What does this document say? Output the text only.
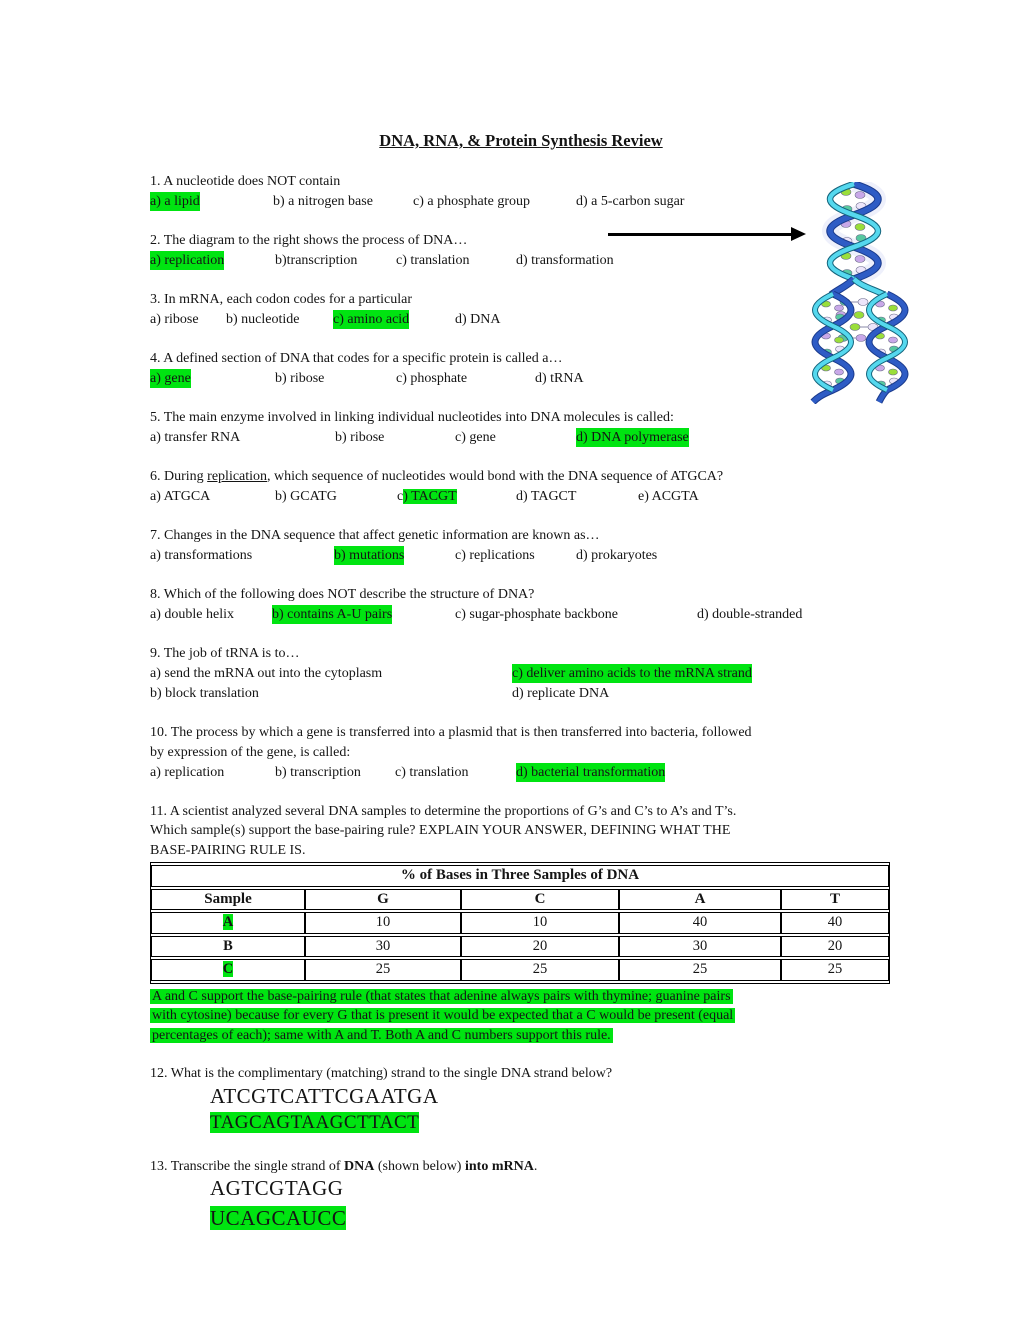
DNA, RNA, & Protein Synthesis Review
1. A nucleotide does NOT contain
a) a lipid	b) a nitrogen base	c) a phosphate group	d) a 5-carbon sugar
2. The diagram to the right shows the process of DNA…
a) replication	b)transcription	c) translation	d) transformation
3. In mRNA, each codon codes for a particular
a) ribose b) nucleotide c) amino acid	d) DNA
4. A defined section of DNA that codes for a specific protein is called a…
a) gene	b) ribose	c) phosphate	d) tRNA
5. The main enzyme involved in linking individual nucleotides into DNA molecules is called:
a) transfer RNA	b) ribose	c) gene	d) DNA polymerase
6. During replication, which sequence of nucleotides would bond with the DNA sequence of ATGCA?
a) ATGCA	b) GCATG	c) TACGT	d) TAGCT	e) ACGTA
7. Changes in the DNA sequence that affect genetic information are known as…
a) transformations	b) mutations	c) replications	d) prokaryotes
8. Which of the following does NOT describe the structure of DNA?
a) double helix	b) contains A-U pairs	c) sugar-phosphate backbone	d) double-stranded
9. The job of tRNA is to…
a) send the mRNA out into the cytoplasm	c) deliver amino acids to the mRNA strand
b) block translation	d) replicate DNA
10. The process by which a gene is transferred into a plasmid that is then transferred into bacteria, followed
by expression of the gene, is called:
a) replication	b) transcription c) translation	d) bacterial transformation
11. A scientist analyzed several DNA samples to determine the proportions of G’s and C’s to A’s and T’s.
Which sample(s) support the base-pairing rule? EXPLAIN YOUR ANSWER, DEFINING WHAT THE
BASE-PAIRING RULE IS.
% of Bases in Three Samples of DNA				
Sample	G	C	A	T
A	10	10	40	40
B	30	20	30	20
C	25	25	25	25
A and C support the base-pairing rule (that states that adenine always pairs with thymine; guanine pairs
with cytosine) because for every G that is present it would be expected that a C would be present (equal
percentages of each); same with A and T. Both A and C numbers support this rule.
12. What is the complimentary (matching) strand to the single DNA strand below?
ATCGTCATTCGAATGA
TAGCAGTAAGCTTACT
13. Transcribe the single strand of DNA (shown below) into mRNA.
AGTCGTAGG
UCAGCAUCC
